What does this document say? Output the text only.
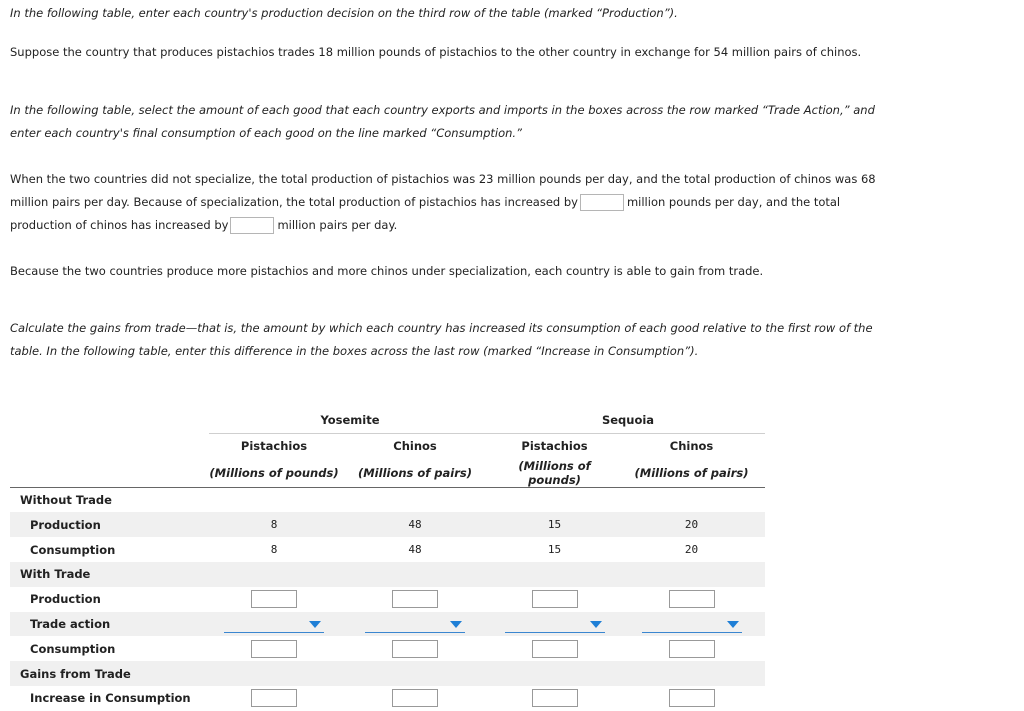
In the following table, enter each country's production decision on the third row of the table (marked “Production”).

Suppose the country that produces pistachios trades 18 million pounds of pistachios to the other country in exchange for 54 million pairs of chinos.

In the following table, select the amount of each good that each country exports and imports in the boxes across the row marked “Trade Action,” and enter each country's final consumption of each good on the line marked “Consumption.”

When the two countries did not specialize, the total production of pistachios was 23 million pounds per day, and the total production of chinos was 68 million pairs per day. Because of specialization, the total production of pistachios has increased by	million pounds per day, and the total production of chinos has increased by	million pairs per day.

Because the two countries produce more pistachios and more chinos under specialization, each country is able to gain from trade.

Calculate the gains from trade—that is, the amount by which each country has increased its consumption of each good relative to the first row of the table. In the following table, enter this difference in the boxes across the last row (marked “Increase in Consumption”).

	Yosemite		Sequoia	
	Pistachios	Chinos	Pistachios	Chinos
	(Millions of pounds)	(Millions of pairs)	(Millions of pounds)	(Millions of pairs)
Without Trade				
Production	8	48	15	20
Consumption	8	48	15	20
With Trade				
Production	

Trade action	

Consumption	

Gains from Trade				
Increase in Consumption	
